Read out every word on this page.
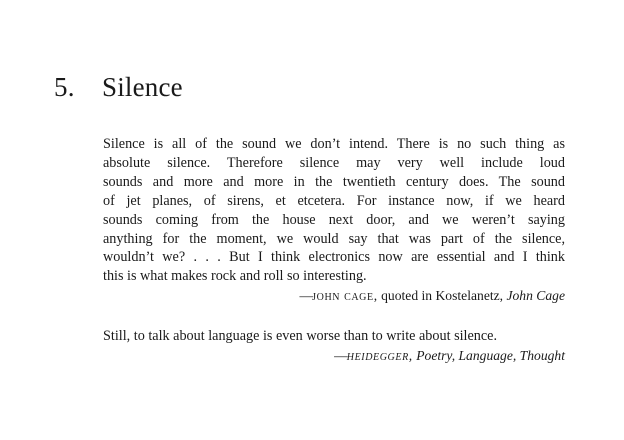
5. Silence
Silence is all of the sound we don’t intend. There is no such thing as
absolute silence. Therefore silence may very well include loud
sounds and more and more in the twentieth century does. The sound
of jet planes, of sirens, et etcetera. For instance now, if we heard
sounds coming from the house next door, and we weren’t saying
anything for the moment, we would say that was part of the silence,
wouldn’t we? . . . But I think electronics now are essential and I think
this is what makes rock and roll so interesting.
—john cage, quoted in Kostelanetz, John Cage
Still, to talk about language is even worse than to write about silence.
—heidegger, Poetry, Language, Thought
